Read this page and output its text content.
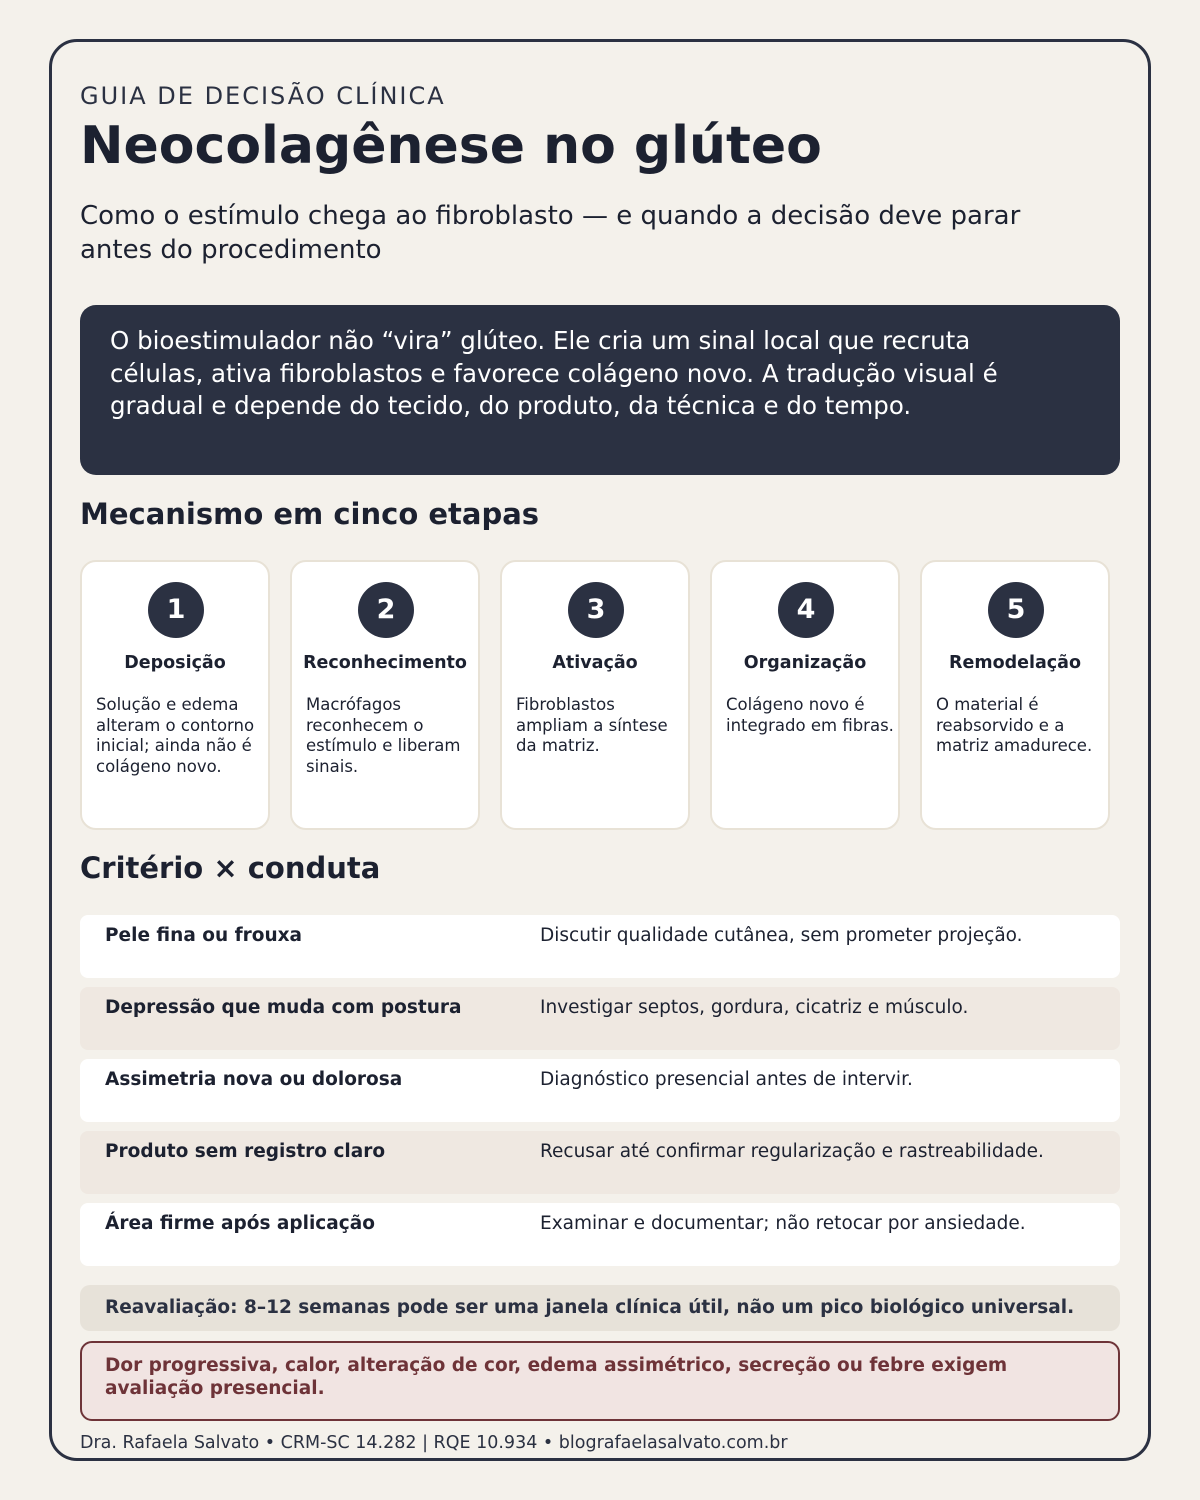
GUIA DE DECISÃO CLÍNICA
Neocolagênese no glúteo

Como o estímulo chega ao fibroblasto — e quando a decisão deve parar antes do procedimento

O bioestimulador não “vira” glúteo. Ele cria um sinal local que recruta células, ativa fibroblastos e favorece colágeno novo. A tradução visual é gradual e depende do tecido, do produto, da técnica e do tempo.

Mecanismo em cinco etapas
1
Deposição
Solução e edema alteram o contorno inicial; ainda não é colágeno novo.
2
Reconhecimento
Macrófagos reconhecem o estímulo e liberam sinais.
3
Ativação
Fibroblastos ampliam a síntese da matriz.
4
Organização
Colágeno novo é integrado em fibras.
5
Remodelação
O material é reabsorvido e a matriz amadurece.
Critério × conduta
Pele fina ou frouxa	Discutir qualidade cutânea, sem prometer projeção.
Depressão que muda com postura	Investigar septos, gordura, cicatriz e músculo.
Assimetria nova ou dolorosa	Diagnóstico presencial antes de intervir.
Produto sem registro claro	Recusar até confirmar regularização e rastreabilidade.
Área firme após aplicação	Examinar e documentar; não retocar por ansiedade.
Reavaliação: 8–12 semanas pode ser uma janela clínica útil, não um pico biológico universal.
Dor progressiva, calor, alteração de cor, edema assimétrico, secreção ou febre exigem avaliação presencial.
Dra. Rafaela Salvato • CRM-SC 14.282 | RQE 10.934 • blografaelasalvato.com.br
